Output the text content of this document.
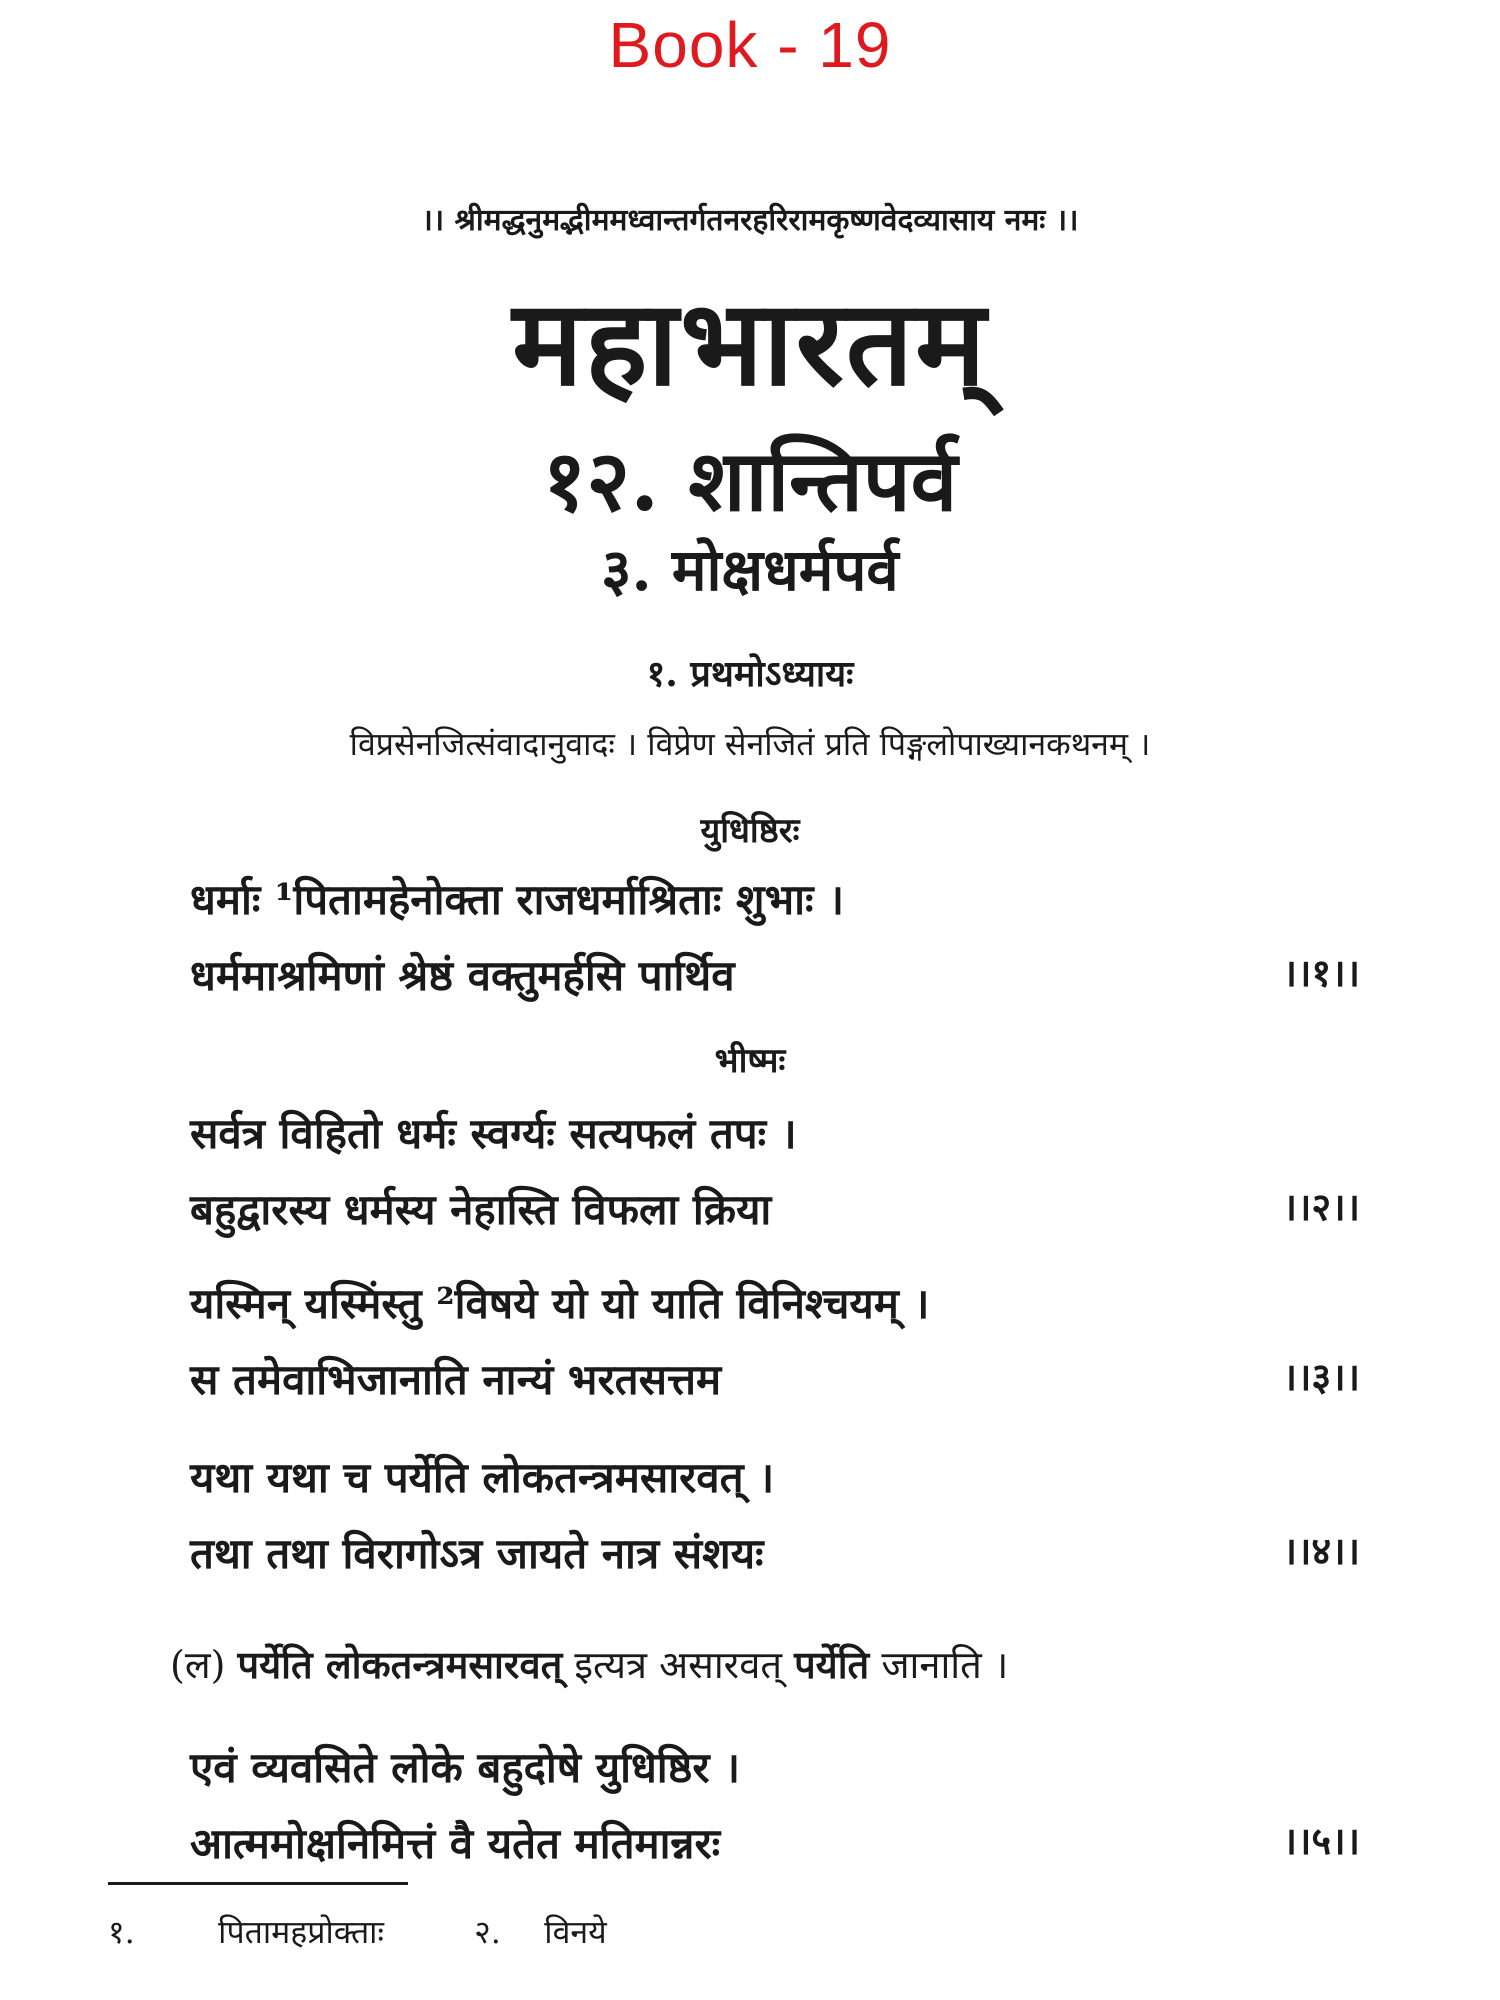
Book - 19
।। श्रीमद्धनुमद्भीममध्वान्तर्गतनरहरिरामकृष्णवेदव्यासाय नमः ।।
महाभारतम्
१२. शान्तिपर्व
३. मोक्षधर्मपर्व
१. प्रथमोऽध्यायः
विप्रसेनजित्संवादानुवादः । विप्रेण सेनजितं प्रति पिङ्गलोपाख्यानकथनम् ।
युधिष्ठिरः
धर्माः ¹पितामहेनोक्ता राजधर्माश्रिताः शुभाः ।
धर्ममाश्रमिणां श्रेष्ठं वक्तुमर्हसि पार्थिव	।।१।।
भीष्मः
सर्वत्र विहितो धर्मः स्वर्ग्यः सत्यफलं तपः ।
बहुद्वारस्य धर्मस्य नेहास्ति विफला क्रिया	।।२।।
यस्मिन् यस्मिंस्तु ²विषये यो यो याति विनिश्चयम् ।
स तमेवाभिजानाति नान्यं भरतसत्तम	।।३।।
यथा यथा च पर्येति लोकतन्त्रमसारवत् ।
तथा तथा विरागोऽत्र जायते नात्र संशयः	।।४।।
(ल) पर्येति लोकतन्त्रमसारवत् इत्यत्र असारवत् पर्येति जानाति ।
एवं व्यवसिते लोके बहुदोषे युधिष्ठिर ।
आत्ममोक्षनिमित्तं वै यतेत मतिमान्नरः	।।५।।
१.	पितामहप्रोक्ताः	२. विनये
